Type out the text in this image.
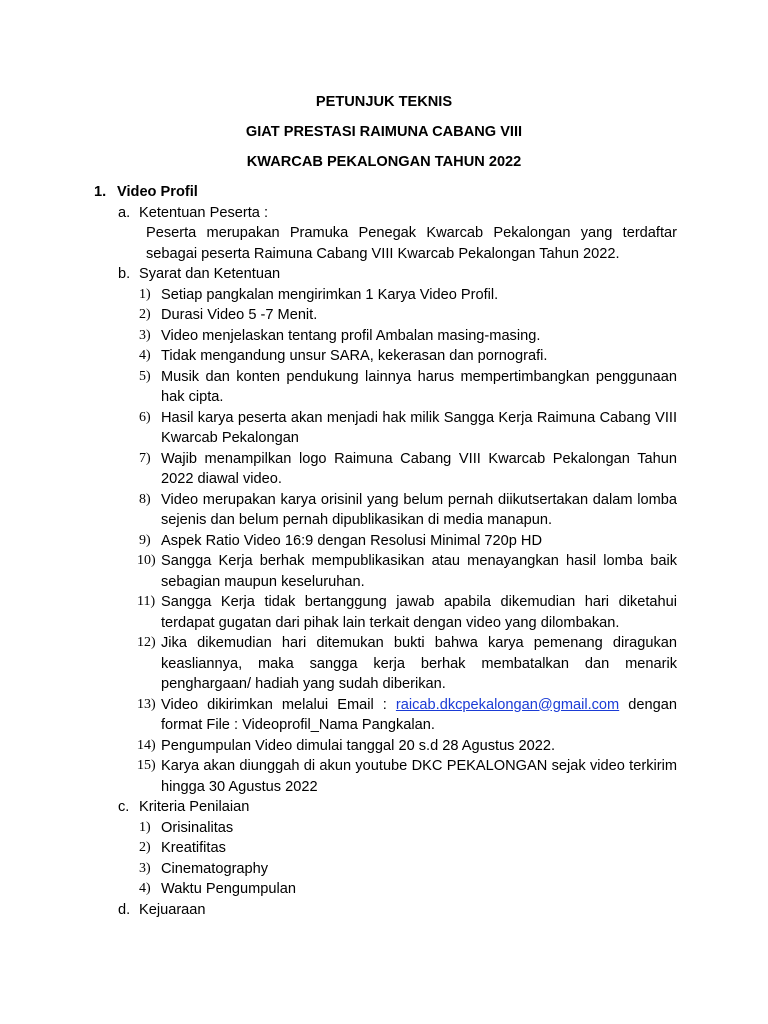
PETUNJUK TEKNIS
GIAT PRESTASI RAIMUNA CABANG VIII
KWARCAB PEKALONGAN TAHUN 2022
1. Video Profil
a. Ketentuan Peserta :
Peserta merupakan Pramuka Penegak Kwarcab Pekalongan yang terdaftar sebagai peserta Raimuna Cabang VIII Kwarcab Pekalongan Tahun 2022.
b. Syarat dan Ketentuan
1) Setiap pangkalan mengirimkan 1 Karya Video Profil.
2) Durasi Video 5 -7 Menit.
3) Video menjelaskan tentang profil Ambalan masing-masing.
4) Tidak mengandung unsur SARA, kekerasan dan pornografi.
5) Musik dan konten pendukung lainnya harus mempertimbangkan penggunaan hak cipta.
6) Hasil karya peserta akan menjadi hak milik Sangga Kerja Raimuna Cabang VIII Kwarcab Pekalongan
7) Wajib menampilkan logo Raimuna Cabang VIII Kwarcab Pekalongan Tahun 2022 diawal video.
8) Video merupakan karya orisinil yang belum pernah diikutsertakan dalam lomba sejenis dan belum pernah dipublikasikan di media manapun.
9) Aspek Ratio Video 16:9 dengan Resolusi Minimal 720p HD
10) Sangga Kerja berhak mempublikasikan atau menayangkan hasil lomba baik sebagian maupun keseluruhan.
11) Sangga Kerja tidak bertanggung jawab apabila dikemudian hari diketahui terdapat gugatan dari pihak lain terkait dengan video yang dilombakan.
12) Jika dikemudian hari ditemukan bukti bahwa karya pemenang diragukan keasliannya, maka sangga kerja berhak membatalkan dan menarik penghargaan/ hadiah yang sudah diberikan.
13) Video dikirimkan melalui Email : raicab.dkcpekalongan@gmail.com dengan format File : Videoprofil_Nama Pangkalan.
14) Pengumpulan Video dimulai tanggal 20 s.d 28 Agustus 2022.
15) Karya akan diunggah di akun youtube DKC PEKALONGAN sejak video terkirim hingga 30 Agustus 2022
c. Kriteria Penilaian
1) Orisinalitas
2) Kreatifitas
3) Cinematography
4) Waktu Pengumpulan
d. Kejuaraan
